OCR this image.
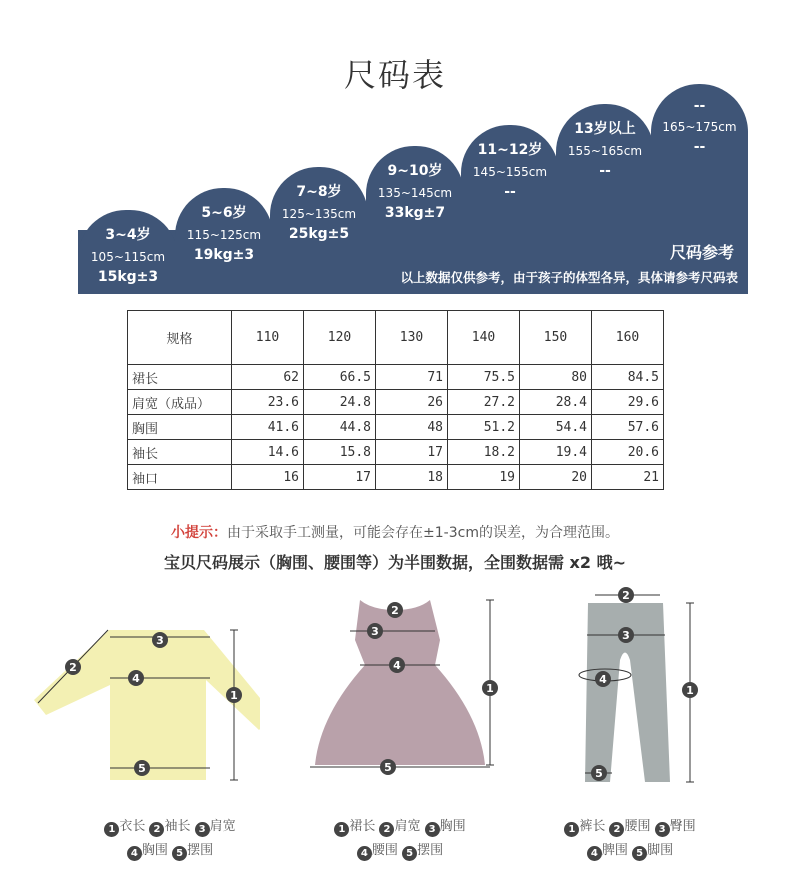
尺码表
3~4岁
105~115cm
15kg±3
5~6岁
115~125cm
19kg±3
7~8岁
125~135cm
25kg±5
9~10岁
135~145cm
33kg±7
11~12岁
145~155cm
--
13岁以上
155~165cm
--
--
165~175cm
--
尺码参考
以上数据仅供参考，由于孩子的体型各异，具体请参考尺码表
规格	110	120	130	140	150	160
裙长	62	66.5	71	75.5	80	84.5
肩宽（成品）	23.6	24.8	26	27.2	28.4	29.6
胸围	41.6	44.8	48	51.2	54.4	57.6
袖长	14.6	15.8	17	18.2	19.4	20.6
袖口	16	17	18	19	20	21
小提示：由于采取手工测量，可能会存在±1-3cm的误差，为合理范围。
宝贝尺码展示（胸围、腰围等）为半围数据，全围数据需 x2 哦~
1
2
3
4
5
1
2
3
4
5
1
2
3
4
5
1 衣长 2 袖长 3 肩宽
4 胸围 5 摆围
1 裙长 2 肩宽 3 胸围
4 腰围 5 摆围
1 裤长 2 腰围 3 臀围
4 脾围 5 脚围
